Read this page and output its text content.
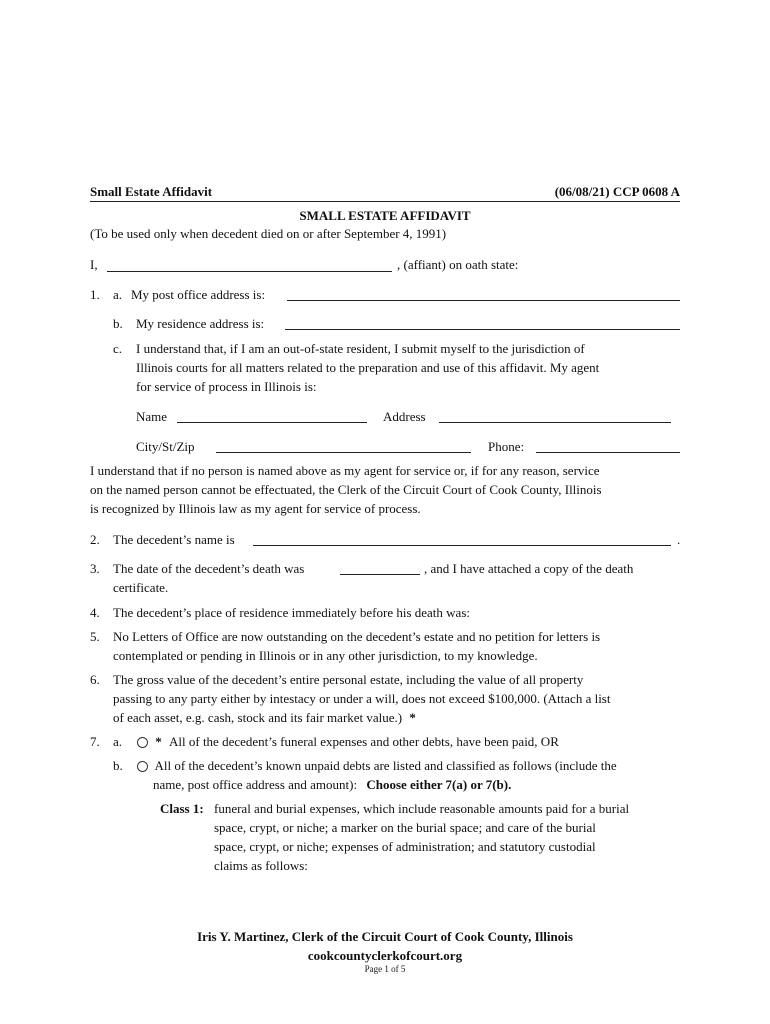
Small Estate Affidavit	(06/08/21) CCP 0608 A
SMALL ESTATE AFFIDAVIT
(To be used only when decedent died on or after September 4, 1991)
I,	, (affiant) on oath state:
1. a. My post office address is:
b. My residence address is:
c. I understand that, if I am an out-of-state resident, I submit myself to the jurisdiction of
Illinois courts for all matters related to the preparation and use of this affidavit. My agent
for service of process in Illinois is:
Name	Address
City/St/Zip	Phone:
I understand that if no person is named above as my agent for service or, if for any reason, service
on the named person cannot be effectuated, the Clerk of the Circuit Court of Cook County, Illinois
is recognized by Illinois law as my agent for service of process.
2. The decedent’s name is	.
3. The date of the decedent’s death was	, and I have attached a copy of the death
certificate.
4. The decedent’s place of residence immediately before his death was:
5. No Letters of Office are now outstanding on the decedent’s estate and no petition for letters is
contemplated or pending in Illinois or in any other jurisdiction, to my knowledge.
6. The gross value of the decedent’s entire personal estate, including the value of all property
passing to any party either by intestacy or under a will, does not exceed $100,000. (Attach a list
of each asset, e.g. cash, stock and its fair market value.) *
7. a.	* All of the decedent’s funeral expenses and other debts, have been paid, OR
b.	All of the decedent’s known unpaid debts are listed and classified as follows (include the
name, post office address and amount): Choose either 7(a) or 7(b).
Class 1: funeral and burial expenses, which include reasonable amounts paid for a burial
space, crypt, or niche; a marker on the burial space; and care of the burial
space, crypt, or niche; expenses of administration; and statutory custodial
claims as follows:
Iris Y. Martinez, Clerk of the Circuit Court of Cook County, Illinois
cookcountyclerkofcourt.org
Page 1 of 5
